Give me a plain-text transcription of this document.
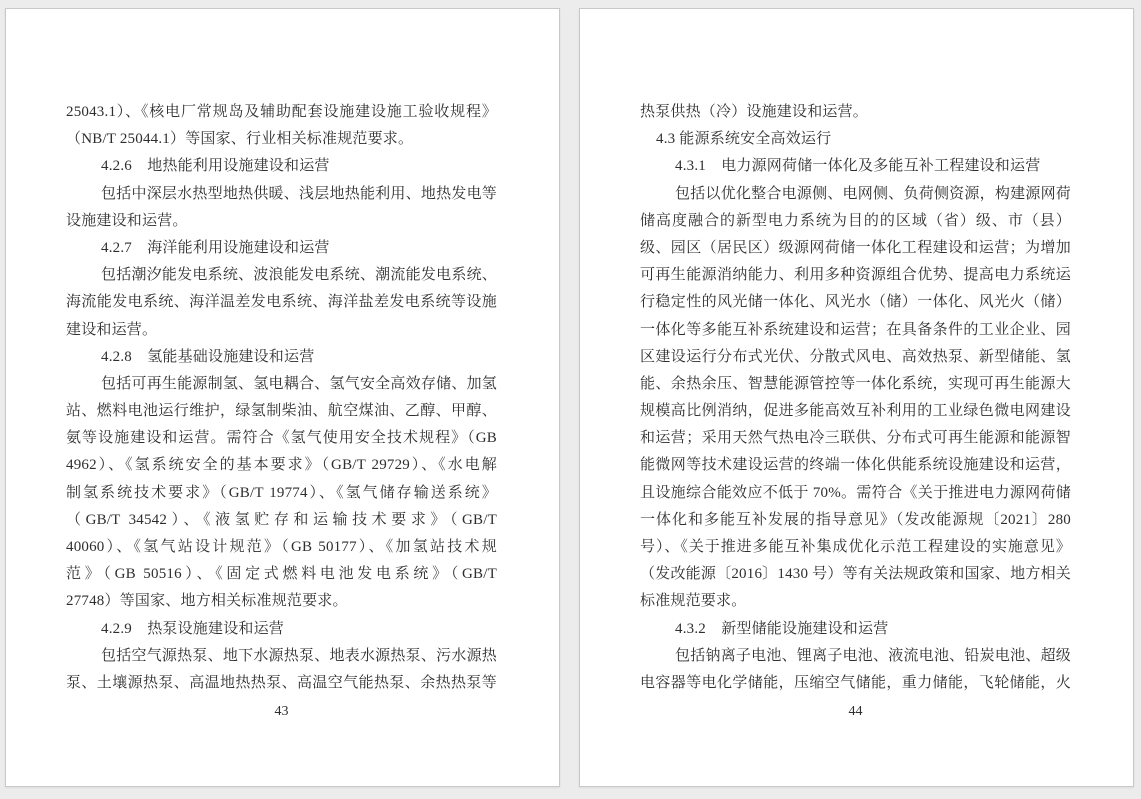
25043.1）、《核电厂常规岛及辅助配套设施建设施工验收规程》
（NB/T 25044.1）等国家、行业相关标准规范要求。
4.2.6　地热能利用设施建设和运营
包括中深层水热型地热供暖、浅层地热能利用、地热发电等
设施建设和运营。
4.2.7　海洋能利用设施建设和运营
包括潮汐能发电系统、波浪能发电系统、潮流能发电系统、
海流能发电系统、海洋温差发电系统、海洋盐差发电系统等设施
建设和运营。
4.2.8　氢能基础设施建设和运营
包括可再生能源制氢、氢电耦合、氢气安全高效存储、加氢
站、燃料电池运行维护，绿氢制柴油、航空煤油、乙醇、甲醇、
氨等设施建设和运营。需符合《氢气使用安全技术规程》（GB
4962）、《氢系统安全的基本要求》（GB/T 29729）、《水电解
制氢系统技术要求》（GB/T 19774）、《氢气储存输送系统》
（GB/T 34542）、《液氢贮存和运输技术要求》（GB/T
40060）、《氢气站设计规范》（GB 50177）、《加氢站技术规
范》（GB 50516）、《固定式燃料电池发电系统》（GB/T
27748）等国家、地方相关标准规范要求。
4.2.9　热泵设施建设和运营
包括空气源热泵、地下水源热泵、地表水源热泵、污水源热
泵、土壤源热泵、高温地热热泵、高温空气能热泵、余热热泵等
43
热泵供热（冷）设施建设和运营。
4.3 能源系统安全高效运行
4.3.1　电力源网荷储一体化及多能互补工程建设和运营
包括以优化整合电源侧、电网侧、负荷侧资源，构建源网荷
储高度融合的新型电力系统为目的的区域（省）级、市（县）
级、园区（居民区）级源网荷储一体化工程建设和运营；为增加
可再生能源消纳能力、利用多种资源组合优势、提高电力系统运
行稳定性的风光储一体化、风光水（储）一体化、风光火（储）
一体化等多能互补系统建设和运营；在具备条件的工业企业、园
区建设运行分布式光伏、分散式风电、高效热泵、新型储能、氢
能、余热余压、智慧能源管控等一体化系统，实现可再生能源大
规模高比例消纳，促进多能高效互补利用的工业绿色微电网建设
和运营；采用天然气热电冷三联供、分布式可再生能源和能源智
能微网等技术建设运营的终端一体化供能系统设施建设和运营，
且设施综合能效应不低于 70%。需符合《关于推进电力源网荷储
一体化和多能互补发展的指导意见》（发改能源规〔2021〕280
号）、《关于推进多能互补集成优化示范工程建设的实施意见》
（发改能源〔2016〕1430 号）等有关法规政策和国家、地方相关
标准规范要求。
4.3.2　新型储能设施建设和运营
包括钠离子电池、锂离子电池、液流电池、铅炭电池、超级
电容器等电化学储能，压缩空气储能，重力储能，飞轮储能，火
44
